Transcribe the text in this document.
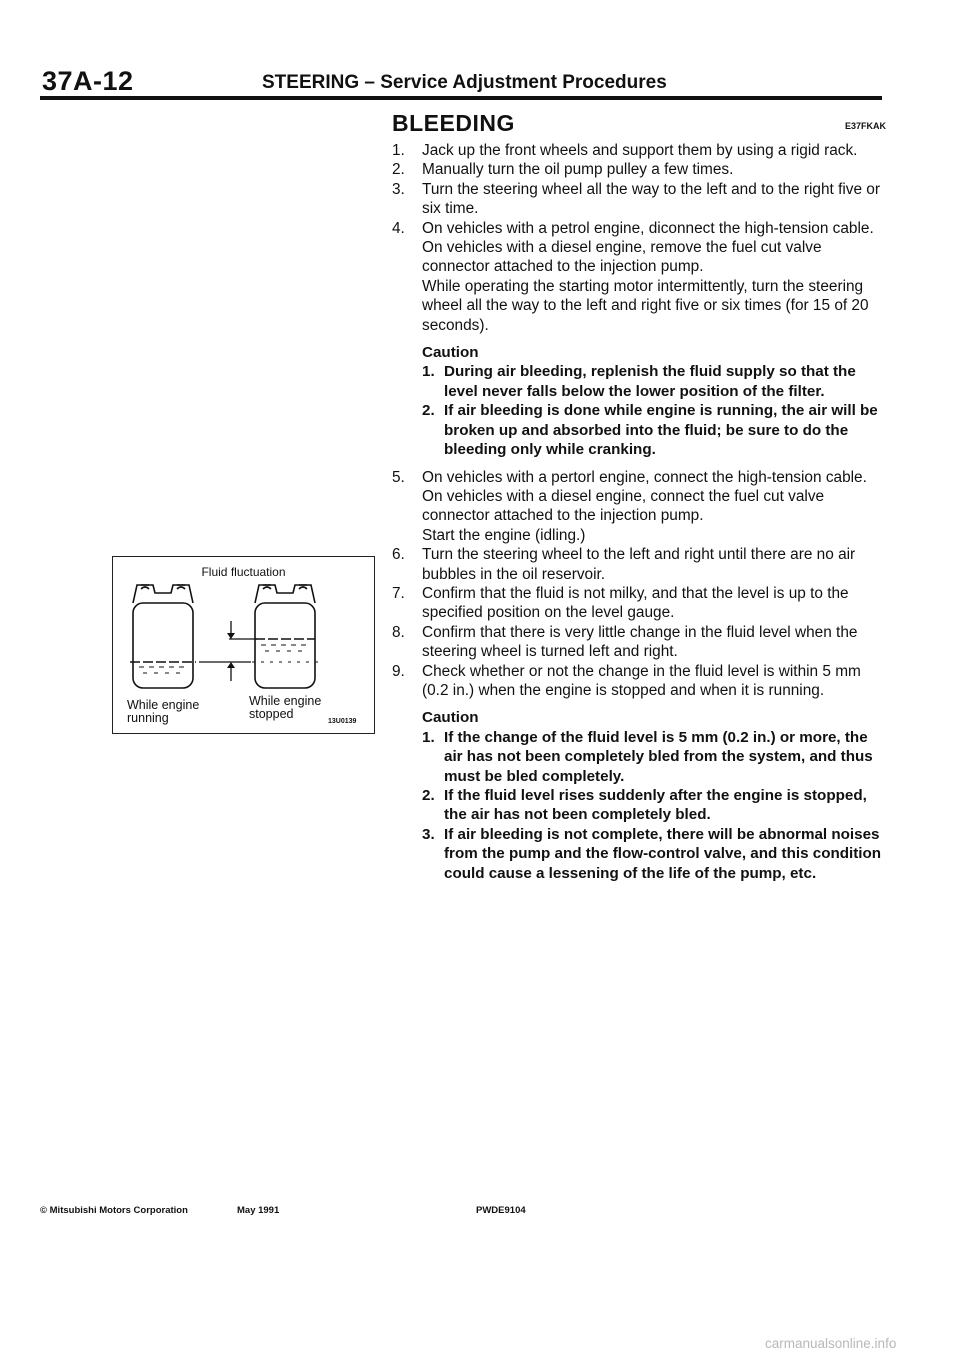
37A-12	STEERING – Service Adjustment Procedures
BLEEDING	E37FKAK
1. Jack up the front wheels and support them by using a rigid rack.
2. Manually turn the oil pump pulley a few times.
3. Turn the steering wheel all the way to the left and to the right five or six time.
4. On vehicles with a petrol engine, diconnect the high-tension cable. On vehicles with a diesel engine, remove the fuel cut valve connector attached to the injection pump.
While operating the starting motor intermittently, turn the steering wheel all the way to the left and right five or six times (for 15 of 20 seconds).
Caution
1. During air bleeding, replenish the fluid supply so that the level never falls below the lower position of the filter.
2. If air bleeding is done while engine is running, the air will be broken up and absorbed into the fluid; be sure to do the bleeding only while cranking.
5. On vehicles with a pertorl engine, connect the high-tension cable. On vehicles with a diesel engine, connect the fuel cut valve connector attached to the injection pump.
Start the engine (idling.)
6. Turn the steering wheel to the left and right until there are no air bubbles in the oil reservoir.
7. Confirm that the fluid is not milky, and that the level is up to the specified position on the level gauge.
8. Confirm that there is very little change in the fluid level when the steering wheel is turned left and right.
9. Check whether or not the change in the fluid level is within 5 mm (0.2 in.) when the engine is stopped and when it is running.
Caution
1. If the change of the fluid level is 5 mm (0.2 in.) or more, the air has not been completely bled from the system, and thus must be bled completely.
2. If the fluid level rises suddenly after the engine is stopped, the air has not been completely bled.
3. If air bleeding is not complete, there will be abnormal noises from the pump and the flow-control valve, and this condition could cause a lessening of the life of the pump, etc.
Fluid fluctuation
While engine
running
While engine
stopped
13U0139
© Mitsubishi Motors Corporation	May 1991	PWDE9104
carmanualsonline.info
